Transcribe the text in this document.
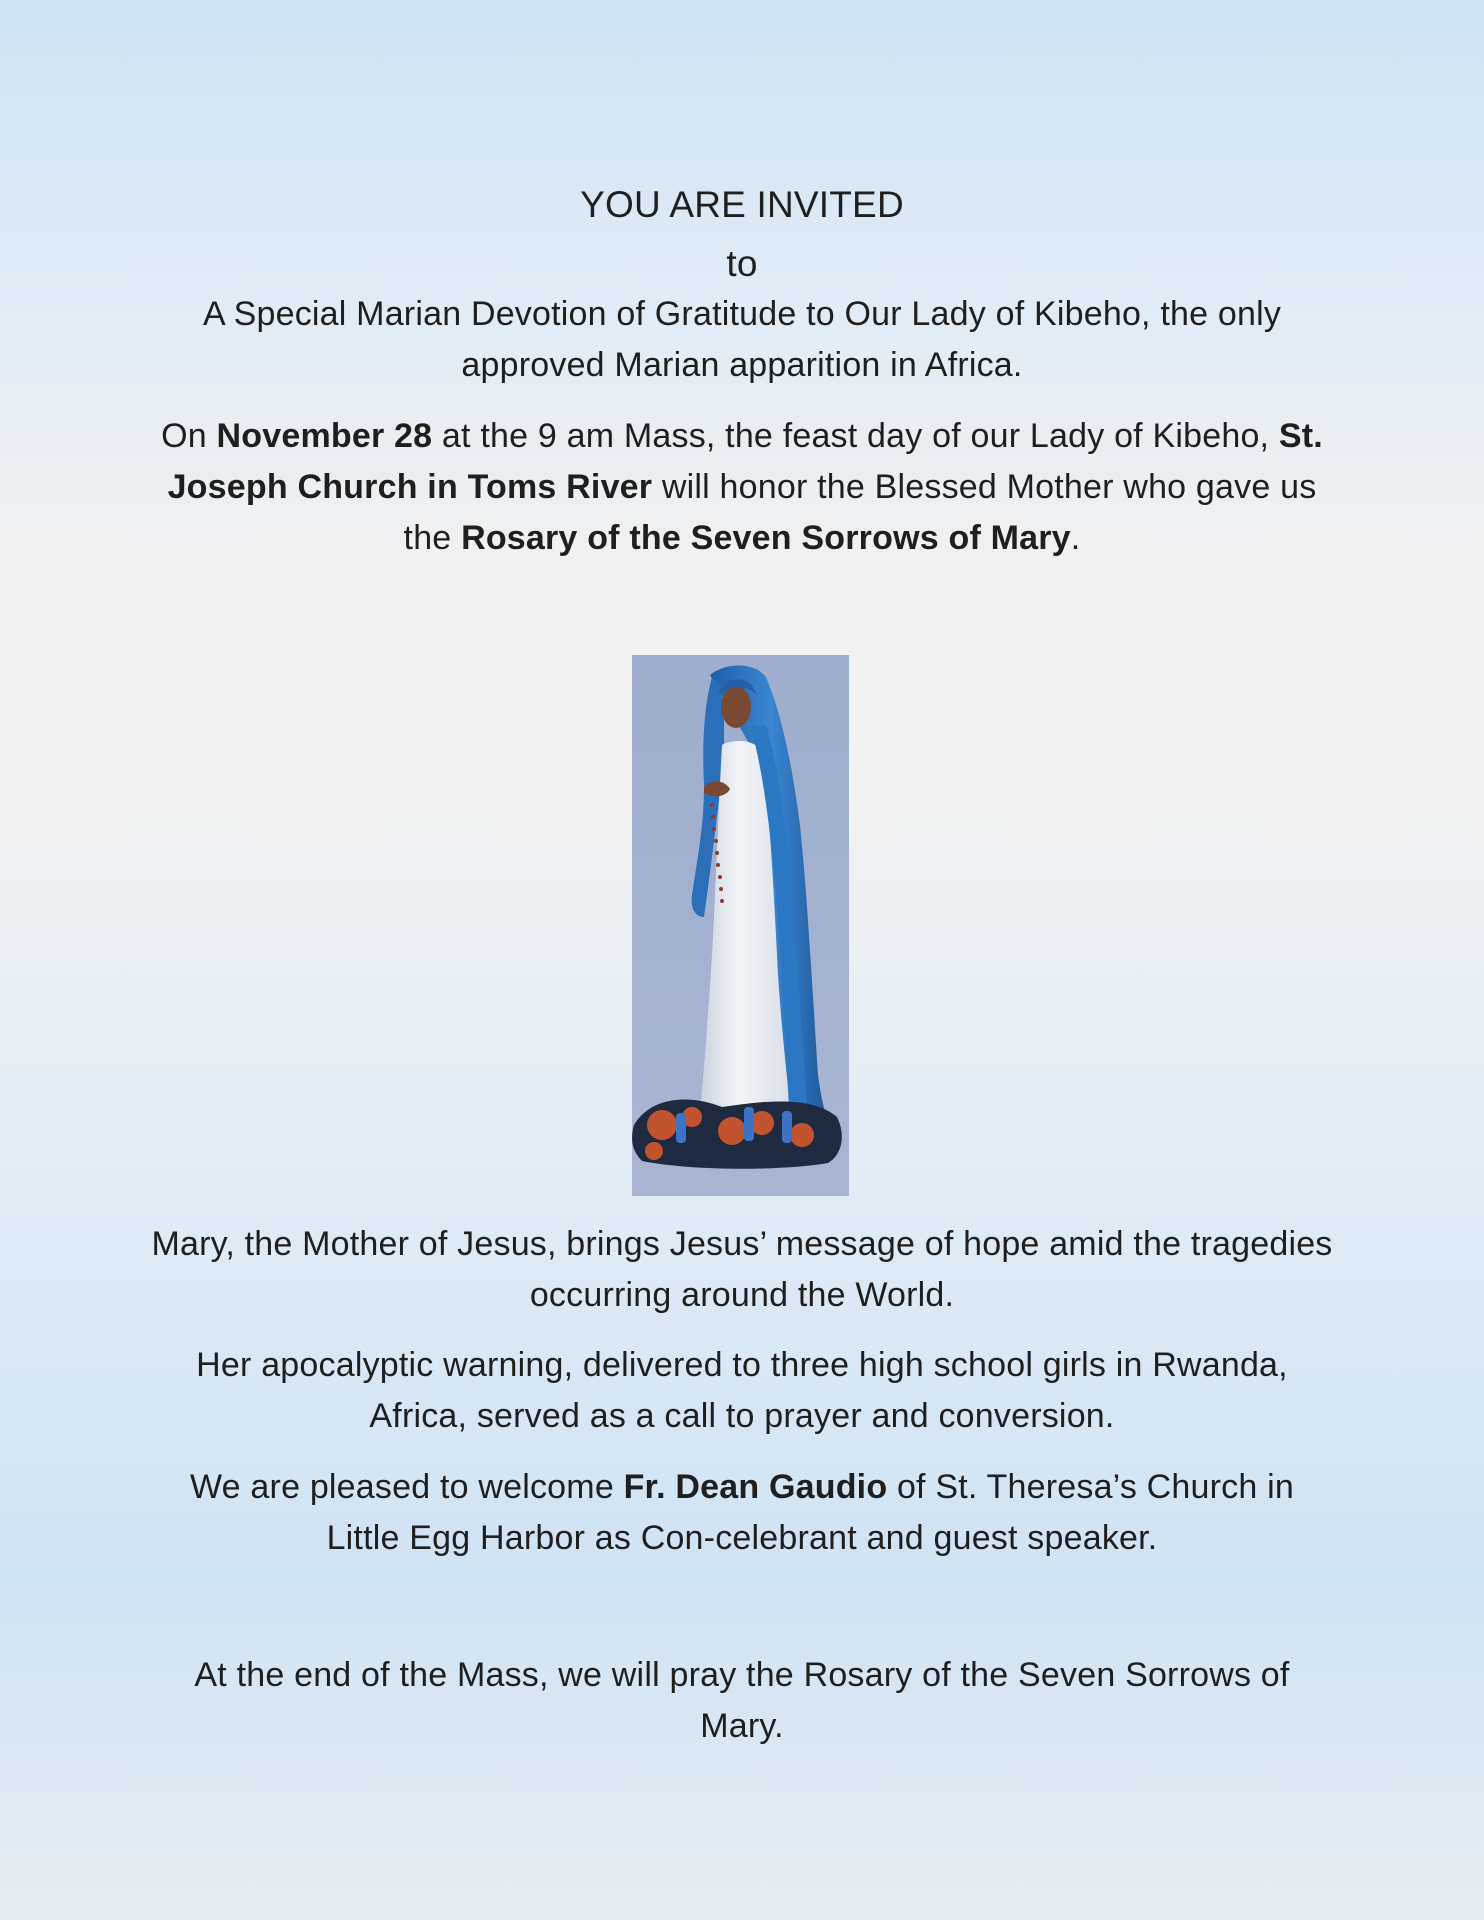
YOU ARE INVITED
to
A Special Marian Devotion of Gratitude to Our Lady of Kibeho, the only approved Marian apparition in Africa.
On November 28 at the 9 am Mass, the feast day of our Lady of Kibeho, St. Joseph Church in Toms River will honor the Blessed Mother who gave us the Rosary of the Seven Sorrows of Mary.
Mary, the Mother of Jesus, brings Jesus’ message of hope amid the tragedies occurring around the World.
Her apocalyptic warning, delivered to three high school girls in Rwanda, Africa, served as a call to prayer and conversion.
We are pleased to welcome Fr. Dean Gaudio of St. Theresa’s Church in Little Egg Harbor as Con-celebrant and guest speaker.
At the end of the Mass, we will pray the Rosary of the Seven Sorrows of Mary.
